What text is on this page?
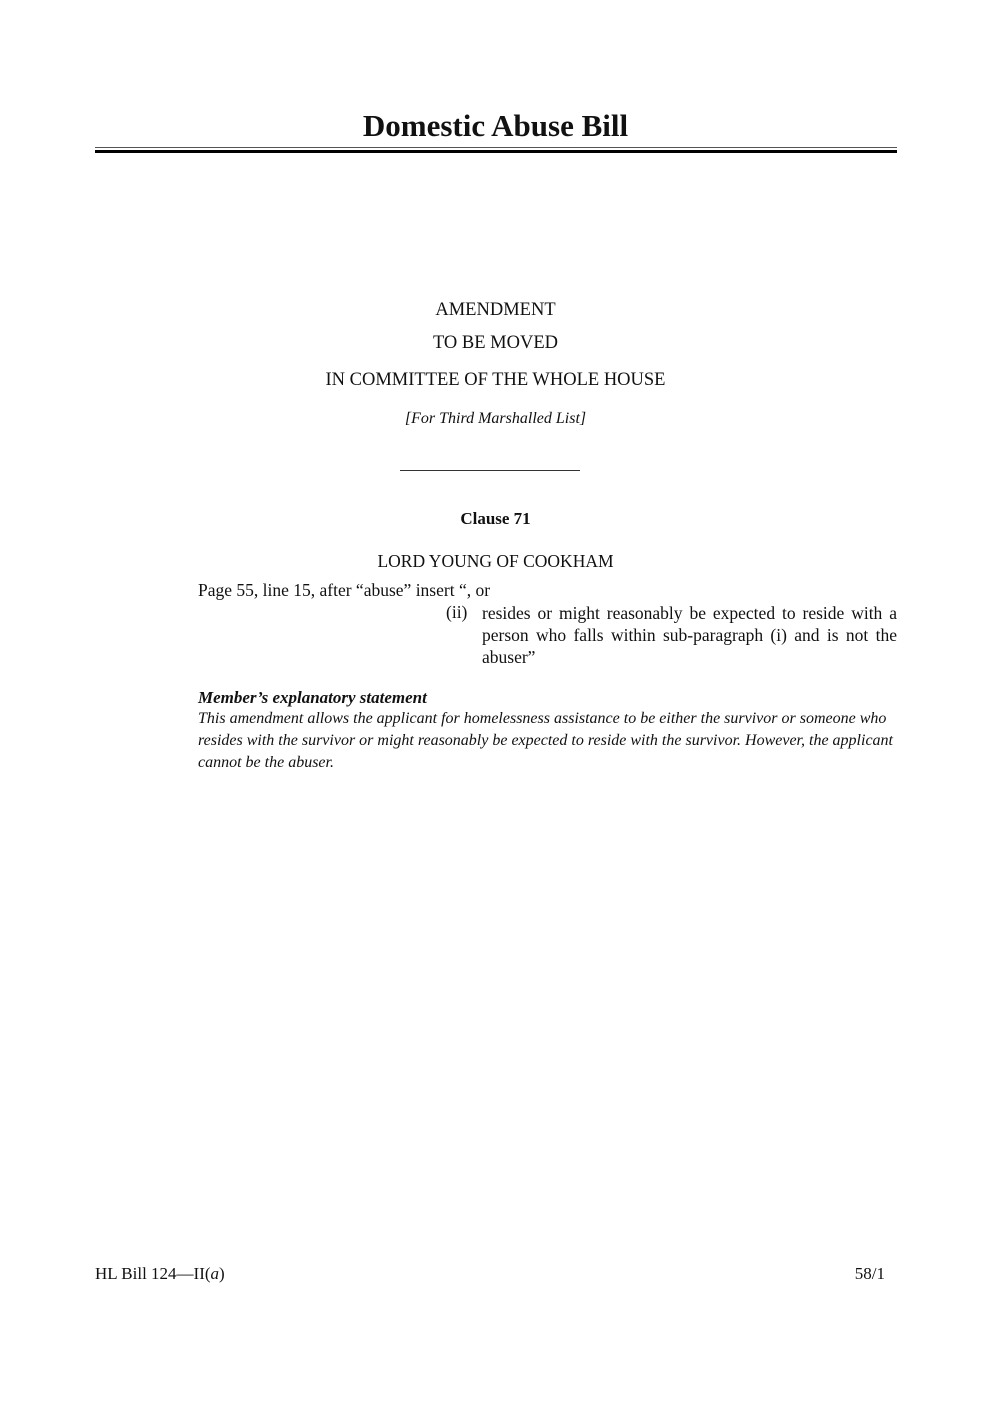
Domestic Abuse Bill
AMENDMENT
TO BE MOVED
IN COMMITTEE OF THE WHOLE HOUSE
[For Third Marshalled List]
Clause 71
LORD YOUNG OF COOKHAM
Page 55, line 15, after “abuse” insert “, or
(ii) resides or might reasonably be expected to reside with a person who falls within sub-paragraph (i) and is not the abuser”
Member’s explanatory statement
This amendment allows the applicant for homelessness assistance to be either the survivor or someone who resides with the survivor or might reasonably be expected to reside with the survivor. However, the applicant cannot be the abuser.
HL Bill 124—II(a)	58/1
